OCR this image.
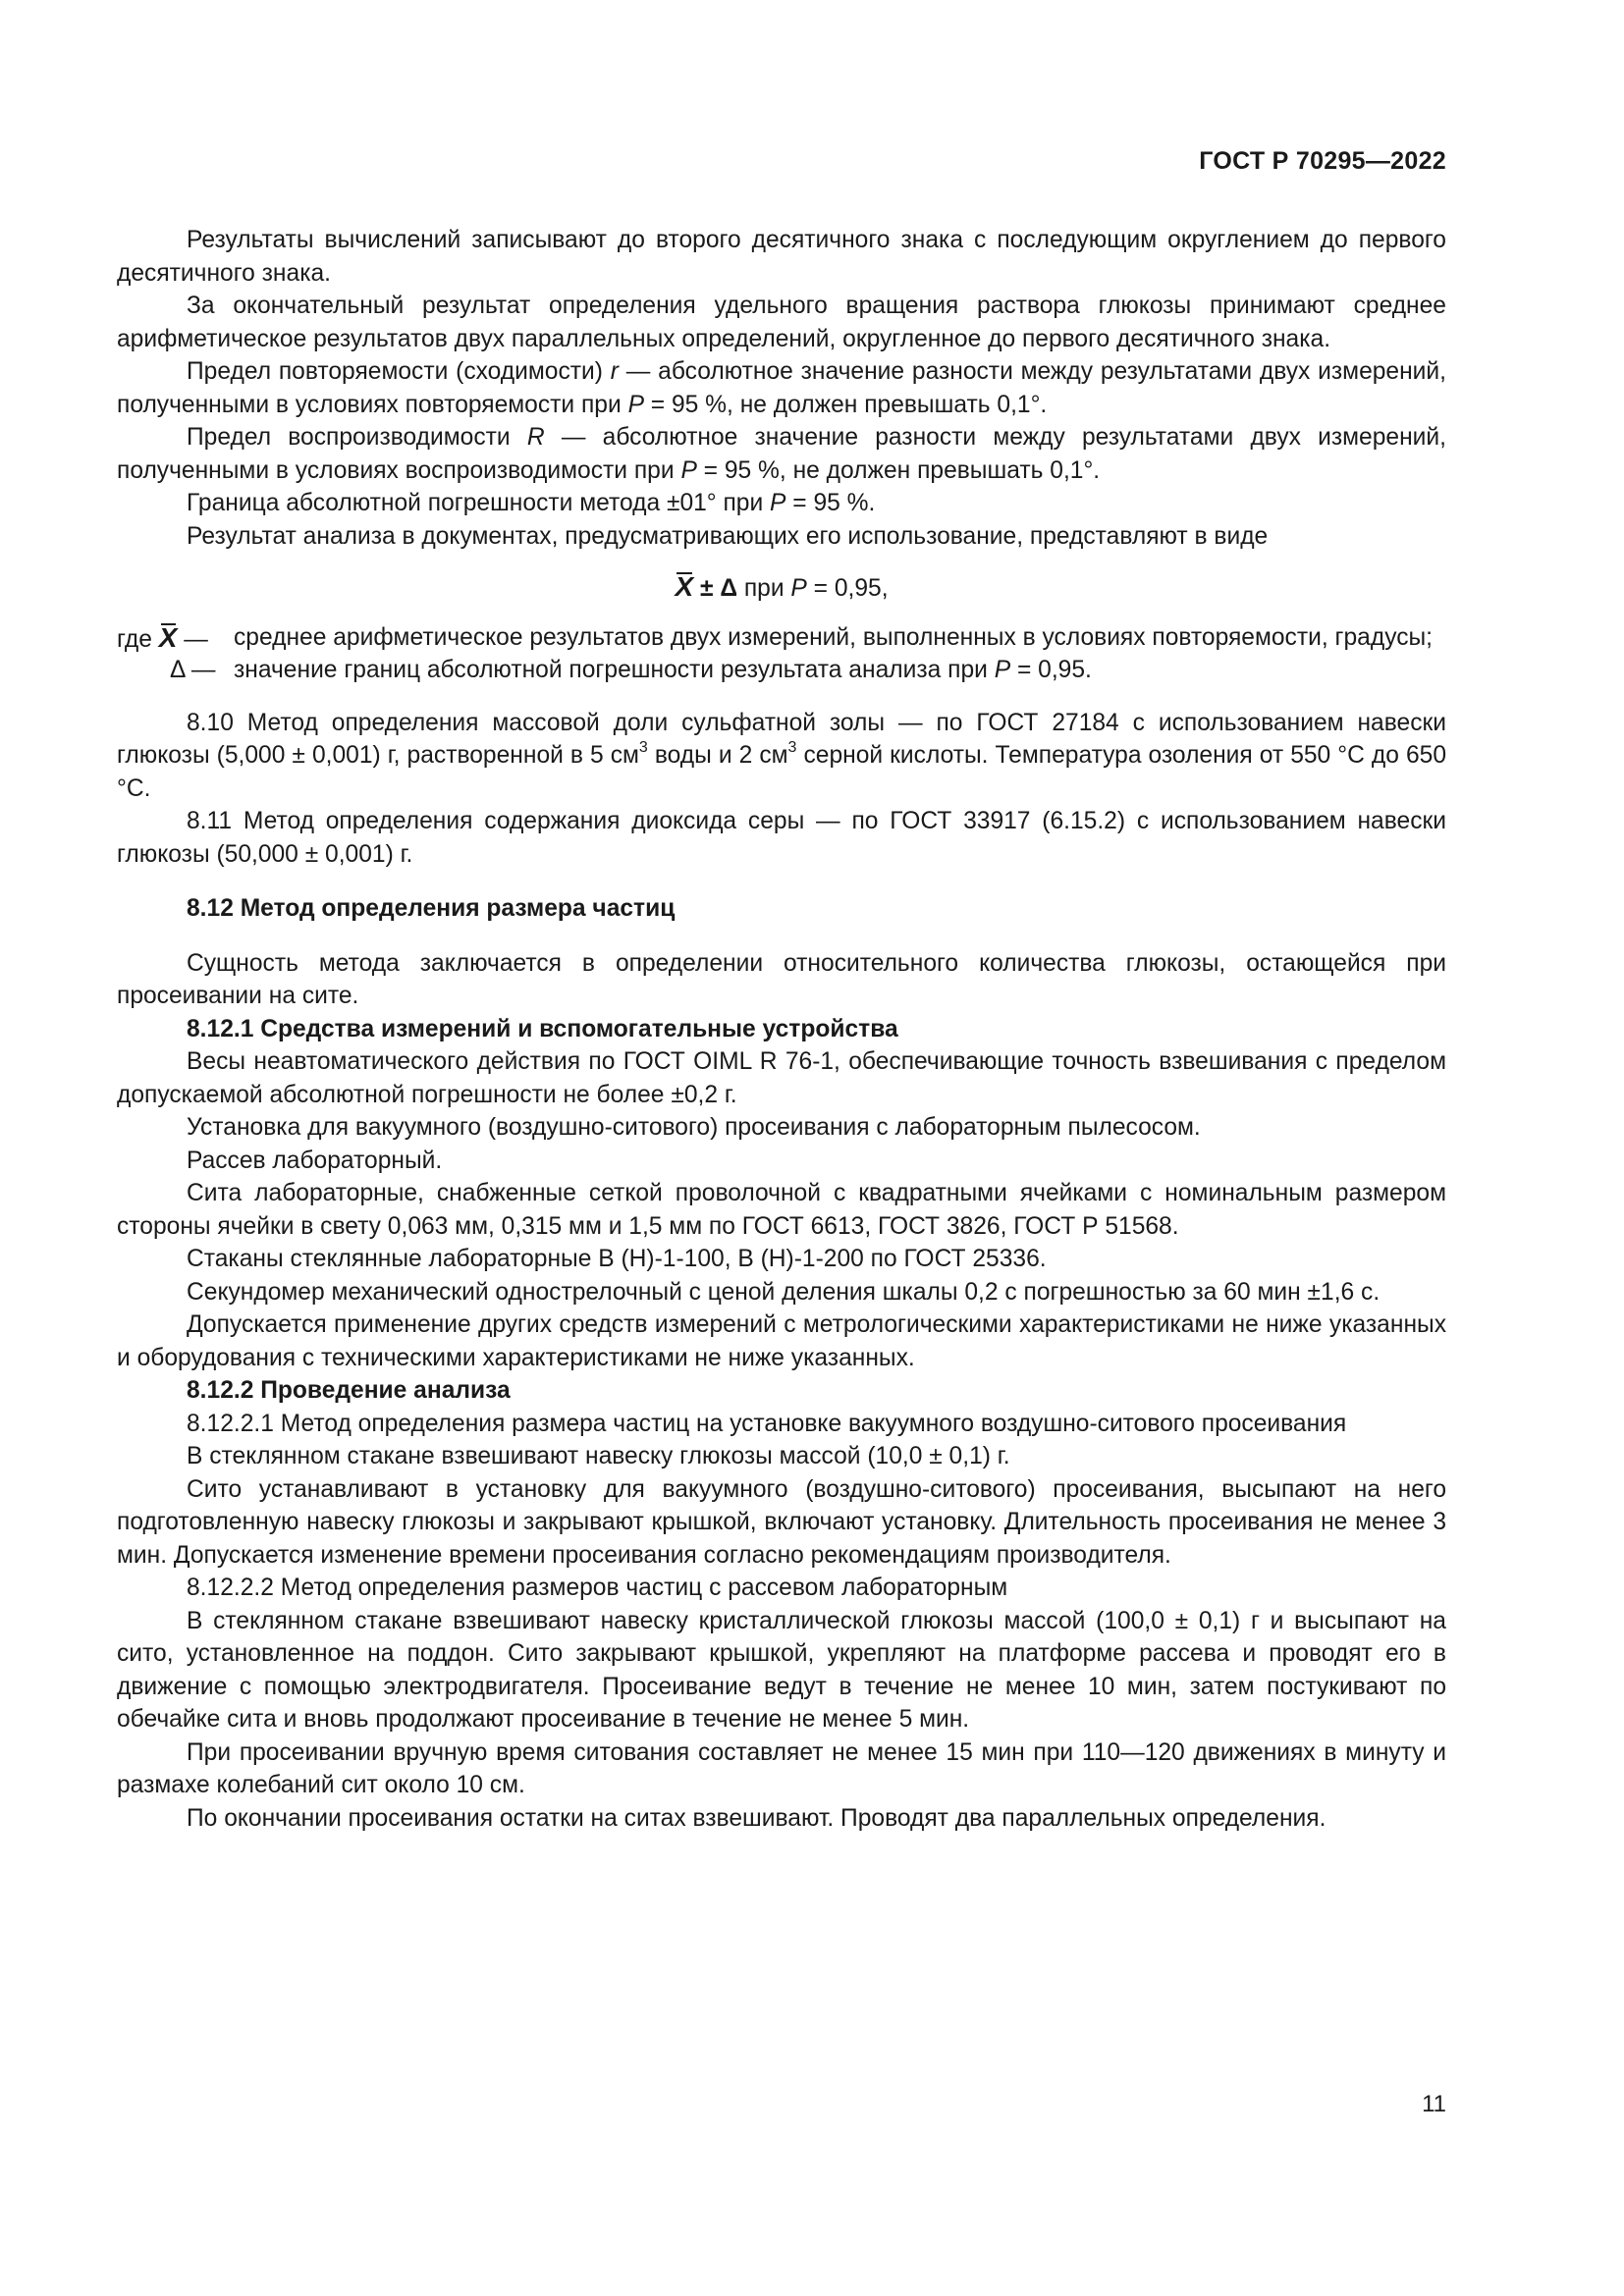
ГОСТ Р 70295—2022

Результаты вычислений записывают до второго десятичного знака с последующим округлением до первого десятичного знака.

За окончательный результат определения удельного вращения раствора глюкозы принимают среднее арифметическое результатов двух параллельных определений, округленное до первого десятичного знака.

Предел повторяемости (сходимости) r — абсолютное значение разности между результатами двух измерений, полученными в условиях повторяемости при P = 95 %, не должен превышать 0,1°.

Предел воспроизводимости R — абсолютное значение разности между результатами двух измерений, полученными в условиях воспроизводимости при P = 95 %, не должен превышать 0,1°.

Граница абсолютной погрешности метода ±01° при P = 95 %.

Результат анализа в документах, предусматривающих его использование, представляют в виде

X ± Δ при P = 0,95,

где X —	среднее арифметическое результатов двух измерений, выполненных в условиях повторяемости, градусы;

Δ — значение границ абсолютной погрешности результата анализа при P = 0,95.

8.10 Метод определения массовой доли сульфатной золы — по ГОСТ 27184 с использованием навески глюкозы (5,000 ± 0,001) г, растворенной в 5 $см^3$ воды и 2 $см^3$ серной кислоты. Температура озоления от 550 °С до 650 °С.

8.11 Метод определения содержания диоксида серы — по ГОСТ 33917 (6.15.2) с использованием навески глюкозы (50,000 ± 0,001) г.

8.12 Метод определения размера частиц

Сущность метода заключается в определении относительного количества глюкозы, остающейся при просеивании на сите.

8.12.1 Средства измерений и вспомогательные устройства

Весы неавтоматического действия по ГОСТ OIML R 76-1, обеспечивающие точность взвешивания с пределом допускаемой абсолютной погрешности не более ±0,2 г.

Установка для вакуумного (воздушно-ситового) просеивания с лабораторным пылесосом.

Рассев лабораторный.

Сита лабораторные, снабженные сеткой проволочной с квадратными ячейками с номинальным размером стороны ячейки в свету 0,063 мм, 0,315 мм и 1,5 мм по ГОСТ 6613, ГОСТ 3826, ГОСТ Р 51568.

Стаканы стеклянные лабораторные В (Н)-1-100, В (Н)-1-200 по ГОСТ 25336.

Секундомер механический однострелочный с ценой деления шкалы 0,2 с погрешностью за 60 мин ±1,6 с.

Допускается применение других средств измерений с метрологическими характеристиками не ниже указанных и оборудования с техническими характеристиками не ниже указанных.

8.12.2 Проведение анализа

8.12.2.1 Метод определения размера частиц на установке вакуумного воздушно-ситового просеивания

В стеклянном стакане взвешивают навеску глюкозы массой (10,0 ± 0,1) г.

Сито устанавливают в установку для вакуумного (воздушно-ситового) просеивания, высыпают на него подготовленную навеску глюкозы и закрывают крышкой, включают установку. Длительность просеивания не менее 3 мин. Допускается изменение времени просеивания согласно рекомендациям производителя.

8.12.2.2 Метод определения размеров частиц с рассевом лабораторным

В стеклянном стакане взвешивают навеску кристаллической глюкозы массой (100,0 ± 0,1) г и высыпают на сито, установленное на поддон. Сито закрывают крышкой, укрепляют на платформе рассева и проводят его в движение с помощью электродвигателя. Просеивание ведут в течение не менее 10 мин, затем постукивают по обечайке сита и вновь продолжают просеивание в течение не менее 5 мин.

При просеивании вручную время ситования составляет не менее 15 мин при 110—120 движениях в минуту и размахе колебаний сит около 10 см.

По окончании просеивания остатки на ситах взвешивают. Проводят два параллельных определения.

11
